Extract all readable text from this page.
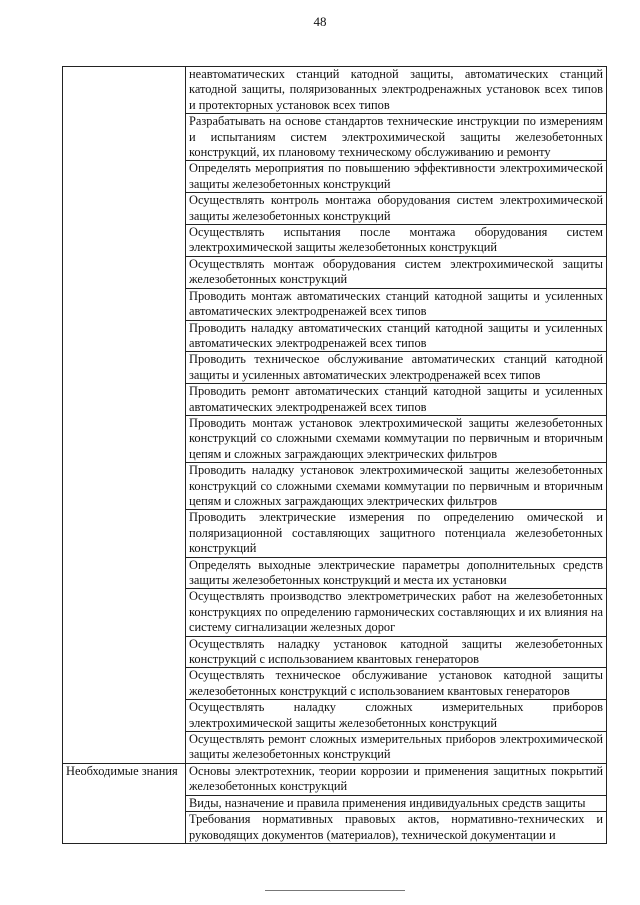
48
	неавтоматических станций катодной защиты, автоматических станций катодной защиты, поляризованных электродренажных установок всех типов и протекторных установок всех типов
	Разрабатывать на основе стандартов технические инструкции по измерениям и испытаниям систем электрохимической защиты железобетонных конструкций, их плановому техническому обслуживанию и ремонту
	Определять мероприятия по повышению эффективности электрохимической защиты железобетонных конструкций
	Осуществлять контроль монтажа оборудования систем электрохимической защиты железобетонных конструкций
	Осуществлять испытания после монтажа оборудования систем электрохимической защиты железобетонных конструкций
	Осуществлять монтаж оборудования систем электрохимической защиты железобетонных конструкций
	Проводить монтаж автоматических станций катодной защиты и усиленных автоматических электродренажей всех типов
	Проводить наладку автоматических станций катодной защиты и усиленных автоматических электродренажей всех типов
	Проводить техническое обслуживание автоматических станций катодной защиты и усиленных автоматических электродренажей всех типов
	Проводить ремонт автоматических станций катодной защиты и усиленных автоматических электродренажей всех типов
	Проводить монтаж установок электрохимической защиты железобетонных конструкций со сложными схемами коммутации по первичным и вторичным цепям и сложных заграждающих электрических фильтров
	Проводить наладку установок электрохимической защиты железобетонных конструкций со сложными схемами коммутации по первичным и вторичным цепям и сложных заграждающих электрических фильтров
	Проводить электрические измерения по определению омической и поляризационной составляющих защитного потенциала железобетонных конструкций
	Определять выходные электрические параметры дополнительных средств защиты железобетонных конструкций и места их установки
	Осуществлять производство электрометрических работ на железобетонных конструкциях по определению гармонических составляющих и их влияния на систему сигнализации железных дорог
	Осуществлять наладку установок катодной защиты железобетонных конструкций с использованием квантовых генераторов
	Осуществлять техническое обслуживание установок катодной защиты железобетонных конструкций с использованием квантовых генераторов
	Осуществлять наладку сложных измерительных приборов электрохимической защиты железобетонных конструкций
	Осуществлять ремонт сложных измерительных приборов электрохимической защиты железобетонных конструкций
Необходимые знания	Основы электротехник, теории коррозии и применения защитных покрытий железобетонных конструкций
	Виды, назначение и правила применения индивидуальных средств защиты
	Требования нормативных правовых актов, нормативно-технических и руководящих документов (материалов), технической документации и
